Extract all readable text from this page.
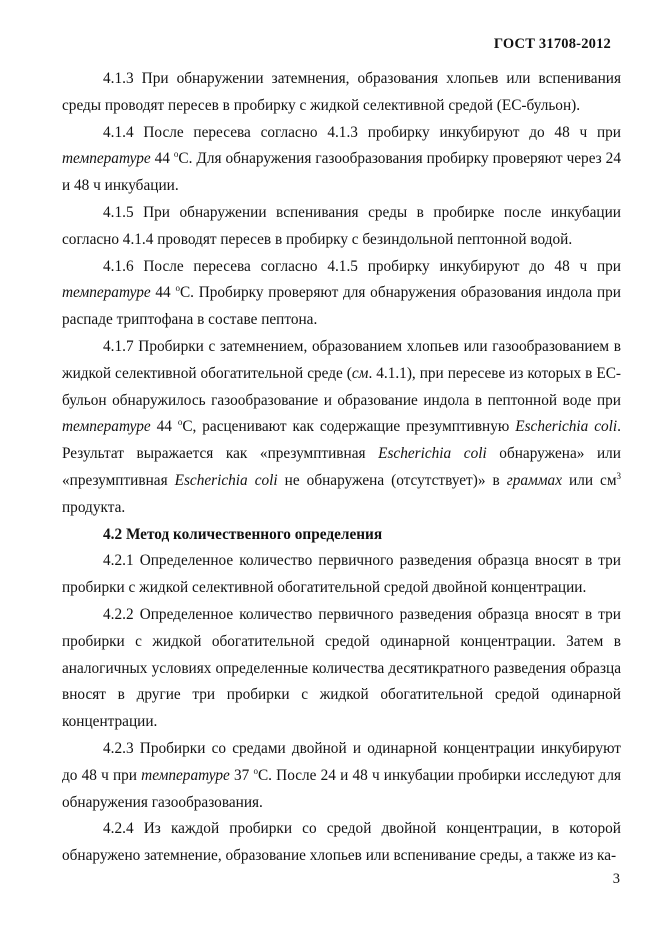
ГОСТ 31708-2012

4.1.3 При обнаружении затемнения, образования хлопьев или вспенивания среды проводят пересев в пробирку с жидкой селективной средой (EC-бульон).

4.1.4 После пересева согласно 4.1.3 пробирку инкубируют до 48 ч при температуре 44 $^о$С. Для обнаружения газообразования пробирку проверяют через 24 и 48 ч инкубации.

4.1.5 При обнаружении вспенивания среды в пробирке после инкубации согласно 4.1.4 проводят пересев в пробирку с безиндольной пептонной водой.

4.1.6 После пересева согласно 4.1.5 пробирку инкубируют до 48 ч при температуре 44 $^о$С. Пробирку проверяют для обнаружения образования индола при распаде триптофана в составе пептона.

4.1.7 Пробирки с затемнением, образованием хлопьев или газообразованием в жидкой селективной обогатительной среде (см. 4.1.1), при пересеве из которых в EC-бульон обнаружилось газообразование и образование индола в пептонной воде при температуре 44 $^о$С, расценивают как содержащие презумптивную Escherichia coli. Результат выражается как «презумптивная Escherichia coli обнаружена» или «презумптивная Escherichia coli не обнаружена (отсутствует)» в граммах или $см^3$ продукта.

4.2 Метод количественного определения

4.2.1 Определенное количество первичного разведения образца вносят в три пробирки с жидкой селективной обогатительной средой двойной концентрации.

4.2.2 Определенное количество первичного разведения образца вносят в три пробирки с жидкой обогатительной средой одинарной концентрации. Затем в аналогичных условиях определенные количества десятикратного разведения образца вносят в другие три пробирки с жидкой обогатительной средой одинарной концентрации.

4.2.3 Пробирки со средами двойной и одинарной концентрации инкубируют до 48 ч при температуре 37 $^о$С. После 24 и 48 ч инкубации пробирки исследуют для обнаружения газообразования.

4.2.4 Из каждой пробирки со средой двойной концентрации, в которой обнаружено затемнение, образование хлопьев или вспенивание среды, а также из ка-

3
